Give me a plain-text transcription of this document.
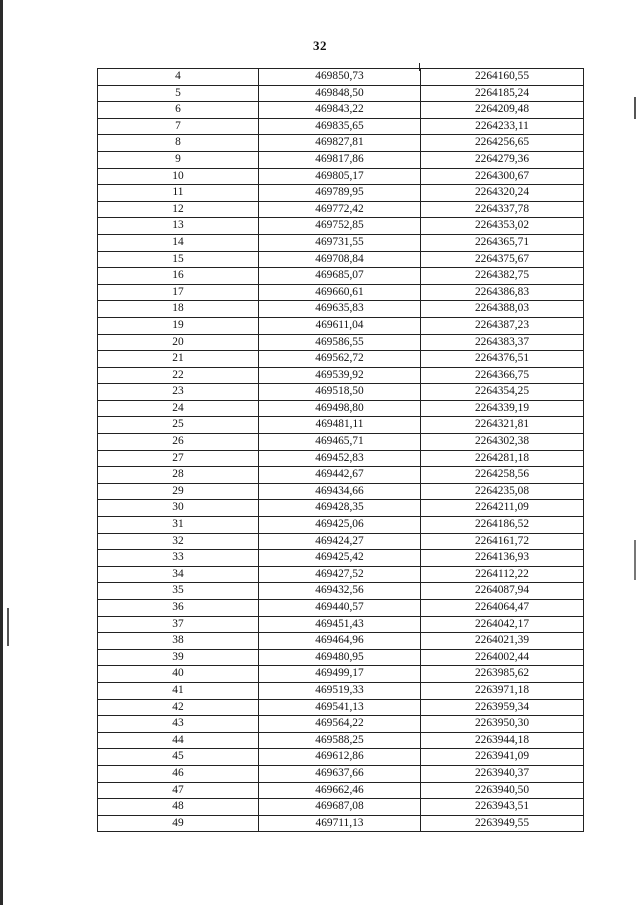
32
4	469850,73	2264160,55
5	469848,50	2264185,24
6	469843,22	2264209,48
7	469835,65	2264233,11
8	469827,81	2264256,65
9	469817,86	2264279,36
10	469805,17	2264300,67
11	469789,95	2264320,24
12	469772,42	2264337,78
13	469752,85	2264353,02
14	469731,55	2264365,71
15	469708,84	2264375,67
16	469685,07	2264382,75
17	469660,61	2264386,83
18	469635,83	2264388,03
19	469611,04	2264387,23
20	469586,55	2264383,37
21	469562,72	2264376,51
22	469539,92	2264366,75
23	469518,50	2264354,25
24	469498,80	2264339,19
25	469481,11	2264321,81
26	469465,71	2264302,38
27	469452,83	2264281,18
28	469442,67	2264258,56
29	469434,66	2264235,08
30	469428,35	2264211,09
31	469425,06	2264186,52
32	469424,27	2264161,72
33	469425,42	2264136,93
34	469427,52	2264112,22
35	469432,56	2264087,94
36	469440,57	2264064,47
37	469451,43	2264042,17
38	469464,96	2264021,39
39	469480,95	2264002,44
40	469499,17	2263985,62
41	469519,33	2263971,18
42	469541,13	2263959,34
43	469564,22	2263950,30
44	469588,25	2263944,18
45	469612,86	2263941,09
46	469637,66	2263940,37
47	469662,46	2263940,50
48	469687,08	2263943,51
49	469711,13	2263949,55
